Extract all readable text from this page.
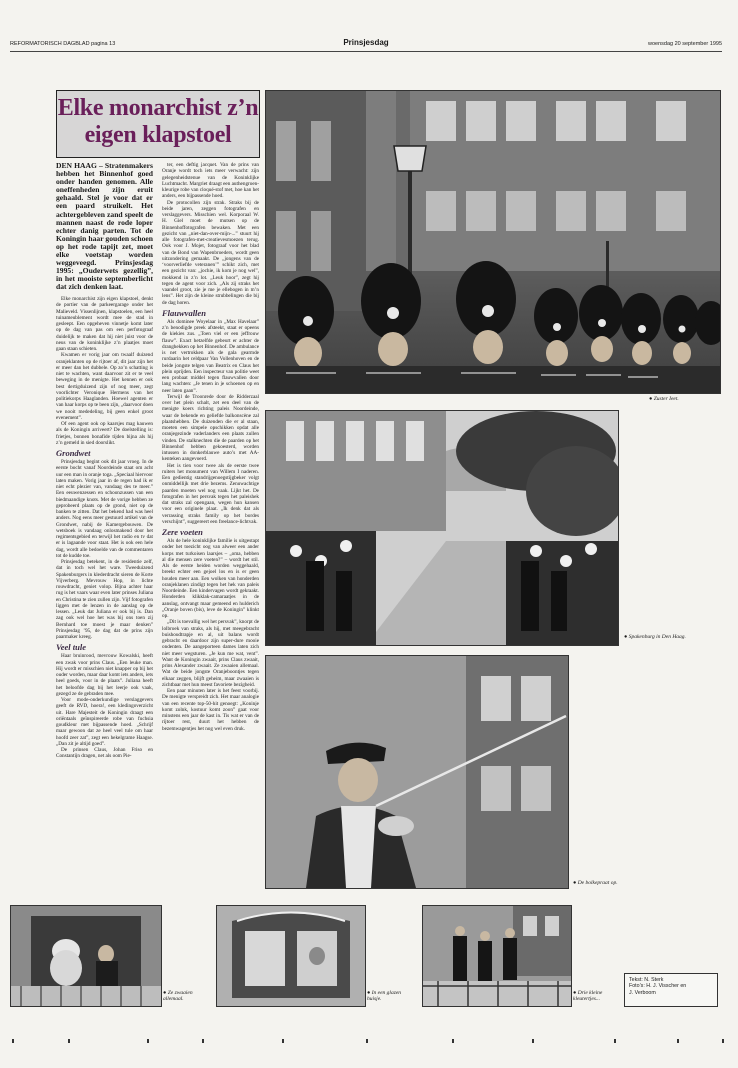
REFORMATORISCH DAGBLAD pagina 13	Prinsjesdag	woensdag 20 september 1995
Elke monarchist z’n eigen klapstoel
DEN HAAG – Stratenmakers hebben het Binnenhof goed onder handen genomen. Alle oneffenheden zijn eruit gehaald. Stel je voor dat er een paard struikelt. Het achtergebleven zand speelt de mannen naast de rode loper echter danig parten. Tot de Koningin haar gouden schoen op het rode tapijt zet, moet elke voetstap worden weggeveegd. Prinsjesdag 1995: „Ouderwets gezellig”, in het mooiste septemberlicht dat zich denken laat.

Elke monarchist zijn eigen klapstoel, denkt de portier van de parkeergarage onder het Malieveld. Vissenlijnen, klapstoelen, een heel tuinameublement wordt mee de stad in gesleept. Een opgeheven vinnetje komt later op de dag van pas om een perfotograaf duidelijk te maken dat hij niet juist voor de neus van de koninklijke z’n plaatjes moet gaan staan schieten.

Kwamen er vorig jaar om twaalf duizend oranjeklanten op de rijtoer af, dit jaar zijn het er meer dan het dubbele. Op zo’n schatting is niet te wachten, want daarvoor zit er te veel beweging in de menigte. Het kennen er ook best dertigduizend zijn of nog meer, zegt voorlichter Veronique Hermens van het politiekorps Haaglanden. Hoewel agenten er van haar korps op te been zijn, „daarvoor doen we nooit mededeling, bij geen enkel groot evenement”.

Of een agent ook op kaarsjes mag kauwen als de Koningin arriveert? De doelstelling is: frietjes, bonnen bonafide tijden bijna als hij z’n gemeld in sied doorslikt.

Grondwet

Prinsjesdag begint ook dit jaar vroeg. In de eerste bocht vanaf Noordeinde staat om acht uur een man in oranje toga. „Speciaal hiervoor laten maken. Vorig jaar in de regen had ik er niet echt plezier van, vandaag des te meer.” Een eeuwenzessen en schoonzussen van een biedmaandige knots. Met de vorige hebben ze geprobeerd plaats op de grond, niet op de banken te zitten. Dat het bekend had was heel anders. Nog eens meer gestuurd artikel van de Grondwet, nabij de Kamergebouwen. De wetsboek is vandaag onlosmakend door het regimentsgebied en terwijl het radio en tv dat er is lagaande voor staat. Het is ook een hele dag, wordt alle bedoelde van de commentaren tot de kudde toe.

Prinsjesdag betekent, in de residentie zelf, dat in toch wel het ware. Tweeduizend Spakenburgers in klederdracht sieren de Korte Vijverberg. Mevrouw Hop, in lichte rouwdracht, geniet volop. Bijna achter haar rug is het vaars waar even later prinses Juliana en Christina te zien zullen zijn. Vijf fotografen liggen met de lenzen in de aanslag op de lessen. „Leuk dat Juliana er ook bij is. Dan zag ook wel hoe het was bij ons toen zij Bernhard toe moest je maar denken” Prinsjesdag ’95, de dag dat de prins zijn paarmaker kreeg.

Veel tule

Haar bruinrood, mevrouw Kowalski, heeft een zwak voor prins Claus. „Een leuke man. Hij wordt er misschien niet knapper op bij het ouder worden, maar daar komt iets anders, iets heel goeds, voor in de plaats”. Juliana heeft het beloofde dag bij het leerje ook vaak, gezegd ze de gebraden mee.

Voor mode-onderkundige verslaggevers geeft de RVD, hoera!, een kledingoverzicht uit. Hare Majesteit de Koningin draagt een oriëntaals geïnspireerde robe van fuchsia goudkleur met bijpassende hoed. „Schrijf maar gewoon dat ze heel veel tule om haar hoofd zeer zat”, zegt een hekelgrame Haagse. „Dan zit je altijd goed”.

De prinsen Claus, Johan Friso en Constantijn dragen, net als oom Pie-

ter, een deftig jacquet. Van de prins van Oranje wordt toch iets meer verwacht: zijn gelegenheidstenue van de Koninklijke Luchtmacht. Margriet draagt een authengroen-kleurige robe van cloqué-stof met, hoe kan het anders, een bijpassende hoed.

De protocollen zijn strak. Straks bij de beide jaren, zeggen fotografen en verslaggevers. Misschien wel. Korporaal W. H. Giel moet de mutsen op de Binnenhoffotografen bewaken. Met een gezicht van „niet-dan-over-mijn-...” stuurt hij alle fotografen-met-creatievesmoezen terug. Ook voor J. Mojet, fotograaf voor het blad van de Bond van Wapenbroeders, wordt geen uitzondering gemaakt. De „jongens van de ‘voorverliefde veteranen’” schikt zich, met een gezicht van: „jochie, ik kom je nog wel”, mokkend in z’n lot. „Leuk hoor”, zegt hij tegen de agent voor zich. „Als zij straks het vaandel groot, zie je me je ellebogen in m’n lens”. Het zijn de kleine strubbelingen die bij de dag horen.

Flauwvallen

Als dominee Woyelaar in „Max Havelaar” z’n benodigde preek afsteekt, staat er opeens de kiekies zus. „Toen viel er een jeffrouw flauw”. Exact hetzelfde gebeurt er achter de dranghekken op het Binnenhof. De ambulance is net vertrokken als de gala gearmde rurdaarin het celdpaar Van Vollenhoven en de beide jongste telgen van Beatrix en Claus het plein oprijden. Een inspecteur van politie weet een probaat middel tegen flauwvallen door lang wachten: „Je tenen in je schoenen op en neer laten gaan”.

Terwijl de Troonrede door de Ridderzaal over het plein schalt, zet een deel van de menigte koers richting paleis Noordeinde, waar de bekende en geliefde balkonscène zal plaatshebben. De duizenden die er al staan, moeten een simpele opschikken opdat alle oranjegezinde vaderlanders een plaats zullen vinden. De stalknechten die de paarden op het Binnenhof hebben gekoesterd, worden intussen in donkerblauwe auto’s met AA-kenteken aangevoerd.

Het is tien voor twee als de eerste twee ruiters het monument van Willem I naderen. Een gedientig standrijgenoegstijgbeker volgt onmiddellijk met drie bezems. Zenuwachtige paarden moeten wel nog vaak. Lijkt het. De fotografen in het persvak tegen het paleishek dat straks zal opengaan, wegen hun kansen voor een originele plaat. „Ik denk dat als verrassing straks family op het bordes verschijnt”, suggereert een freelance-lichtvak.

Zere voeten

Als de hele koninklijke familie is uitgestapt onder het toezicht oog van alweer een ander korps met turkoisen laarsjes – „oma, hebben al die mensen zere voeten?” – wordt het stil. Als de eerste heiden worden weggehaald, breekt echter een gejoel los en is er geen houden meer aan. Een wolken van honderden oranjeklanen zindigt tegen het hek van paleis Noordeinde. Een kindervagen wordt gekraakt. Honderden klikklak-camaraatjes in de aanslag, ontvangt maar gemeend en hulderich „Oranje boven (bis), leve de Koningin” klinkt op.

„Dit is toevallig wel het persvak”, knorpt de lolbroek van straks, als hij, met meegebracht buishoudtrapje en al, uit balans wordt gebracht en daardoor zijn super-dure mooie ondenten. De aangeporteen dames laten zich niet meer wegsturen. „Je kun me wat, vent”. Want de Koningin zwaait, prins Claus zwaait, prins Alexander zwaait. Ze zwaaien allemaal. Wat de beide jongste Oranjeboontjes tegen elkaar zeggen, blijft geheim, maar zwaaien is zichtbaar met hun meest favoriete bezigheid.

Een paar minuten later is het feest voorbij. De menigte verspreidt zich. Het maar analogie van een recente top-50-hit genoegt: „Koninje komt zolnk, kostuur komt zoon” gaat voor minstens een jaar de kast in. Tis wat er van de rijtoer rest, duurt het hebben de bezemwagentjes het nog wel even druk.

● Zuster Ieet.
● Spakenburg in Den Haag.
● De bolkepraat op.
● Ze zwaaien allemaal.
● In een glazen huisje.
● Drie kleine kleutertjes...
Tekst: N. Sterk
Foto’s: H. J. Visscher en
J. Verboom
